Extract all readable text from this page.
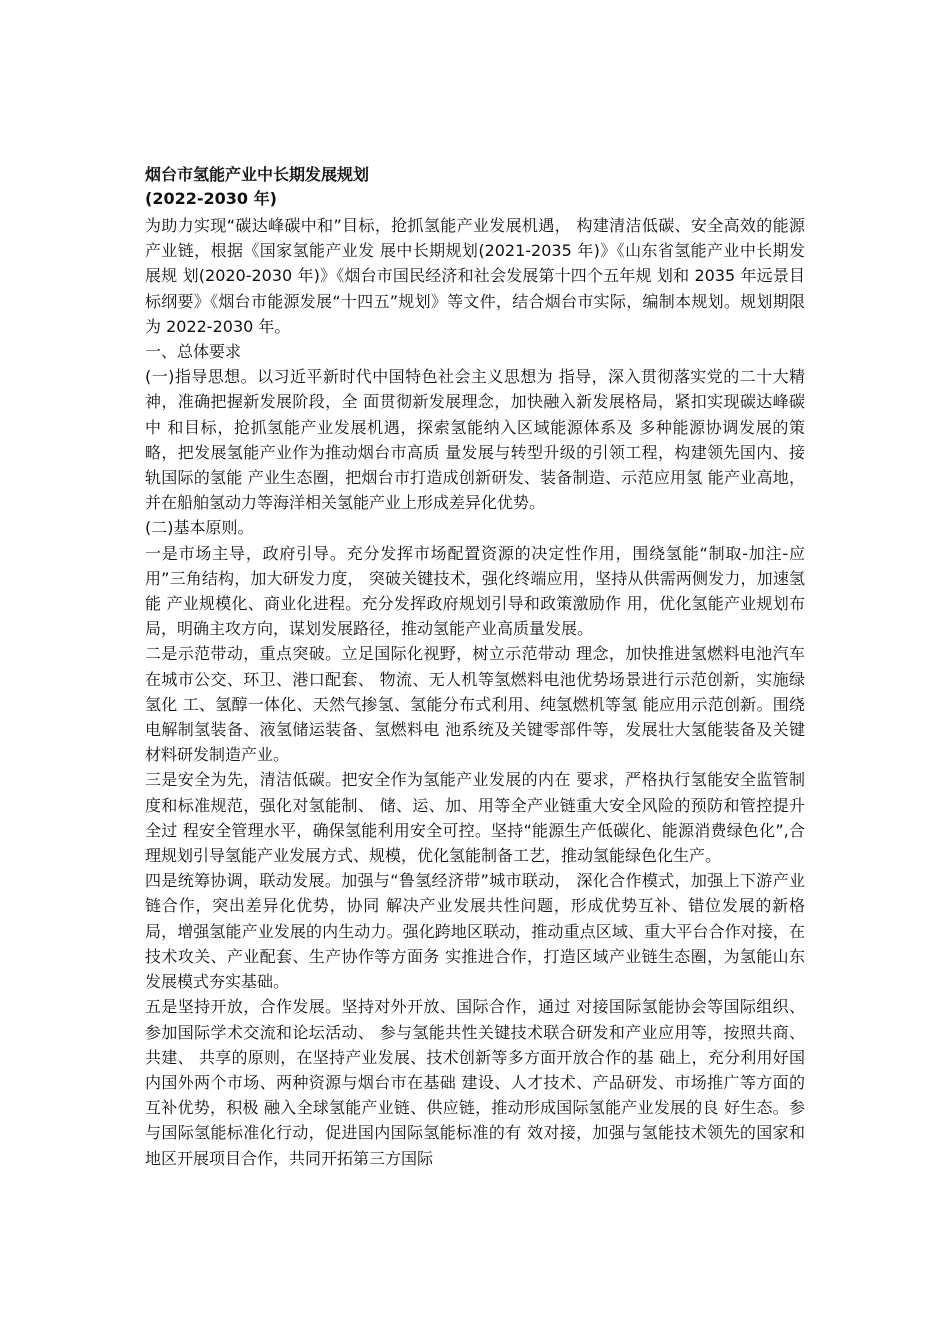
烟台市氢能产业中长期发展规划

(2022-2030 年)

为助力实现“碳达峰碳中和”目标，抢抓氢能产业发展机遇， 构建清洁低碳、安全高效的能源产业链，根据《国家氢能产业发 展中长期规划(2021-2035 年)》《山东省氢能产业中长期发展规 划(2020-2030 年)》《烟台市国民经济和社会发展第十四个五年规 划和 2035 年远景目标纲要》《烟台市能源发展“十四五”规划》等文件，结合烟台市实际，编制本规划。规划期限为 2022-2030 年。

一、总体要求

(一)指导思想。以习近平新时代中国特色社会主义思想为 指导，深入贯彻落实党的二十大精神，准确把握新发展阶段，全 面贯彻新发展理念，加快融入新发展格局，紧扣实现碳达峰碳中 和目标，抢抓氢能产业发展机遇，探索氢能纳入区域能源体系及 多种能源协调发展的策略，把发展氢能产业作为推动烟台市高质 量发展与转型升级的引领工程，构建领先国内、接轨国际的氢能 产业生态圈，把烟台市打造成创新研发、装备制造、示范应用氢 能产业高地，并在船舶氢动力等海洋相关氢能产业上形成差异化优势。

(二)基本原则。

一是市场主导，政府引导。充分发挥市场配置资源的决定性作用，围绕氢能“制取-加注-应用”三角结构，加大研发力度， 突破关键技术，强化终端应用，坚持从供需两侧发力，加速氢能 产业规模化、商业化进程。充分发挥政府规划引导和政策激励作 用，优化氢能产业规划布局，明确主攻方向，谋划发展路径，推动氢能产业高质量发展。

二是示范带动，重点突破。立足国际化视野，树立示范带动 理念，加快推进氢燃料电池汽车在城市公交、环卫、港口配套、 物流、无人机等氢燃料电池优势场景进行示范创新，实施绿氢化 工、氢醇一体化、天然气掺氢、氢能分布式利用、纯氢燃机等氢 能应用示范创新。围绕电解制氢装备、液氢储运装备、氢燃料电 池系统及关键零部件等，发展壮大氢能装备及关键材料研发制造产业。

三是安全为先，清洁低碳。把安全作为氢能产业发展的内在 要求，严格执行氢能安全监管制度和标准规范，强化对氢能制、 储、运、加、用等全产业链重大安全风险的预防和管控提升全过 程安全管理水平，确保氢能利用安全可控。坚持“能源生产低碳化、能源消费绿色化”,合理规划引导氢能产业发展方式、规模，优化氢能制备工艺，推动氢能绿色化生产。

四是统筹协调，联动发展。加强与“鲁氢经济带”城市联动， 深化合作模式，加强上下游产业链合作，突出差异化优势，协同 解决产业发展共性问题，形成优势互补、错位发展的新格局，增强氢能产业发展的内生动力。强化跨地区联动，推动重点区域、重大平台合作对接，在技术攻关、产业配套、生产协作等方面务 实推进合作，打造区域产业链生态圈，为氢能山东发展模式夯实基础。

五是坚持开放，合作发展。坚持对外开放、国际合作，通过 对接国际氢能协会等国际组织、参加国际学术交流和论坛活动、 参与氢能共性关键技术联合研发和产业应用等，按照共商、共建、 共享的原则，在坚持产业发展、技术创新等多方面开放合作的基 础上，充分利用好国内国外两个市场、两种资源与烟台市在基础 建设、人才技术、产品研发、市场推广等方面的互补优势，积极 融入全球氢能产业链、供应链，推动形成国际氢能产业发展的良 好生态。参与国际氢能标准化行动，促进国内国际氢能标准的有 效对接，加强与氢能技术领先的国家和地区开展项目合作，共同开拓第三方国际
